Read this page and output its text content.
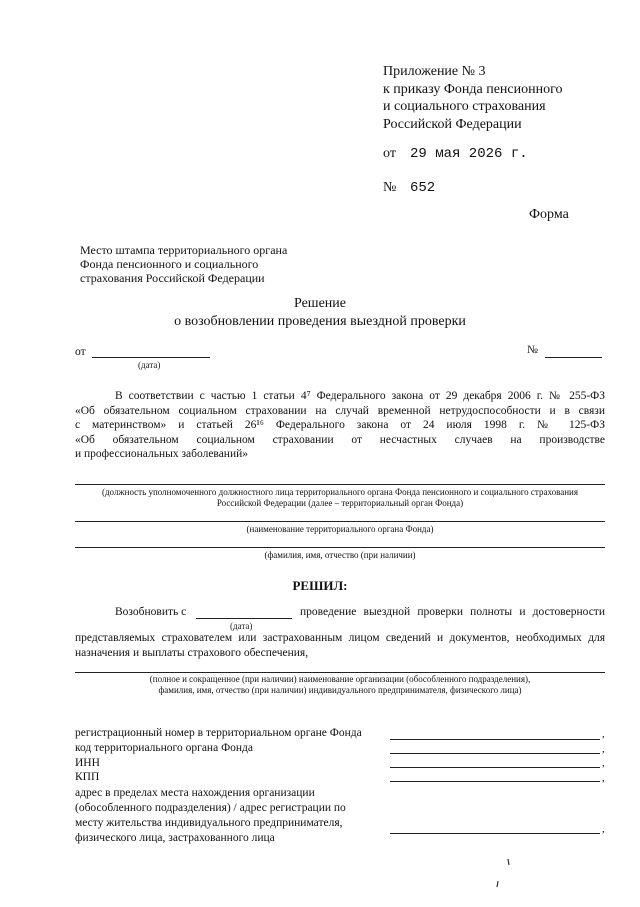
Приложение № 3
к приказу Фонда пенсионного
и социального страхования
Российской Федерации
от 29 мая 2026 г.
№ 652
Форма
Место штампа территориального органа
Фонда пенсионного и социального
страхования Российской Федерации
Решение
о возобновлении проведения выездной проверки
от
(дата)
№
В соответствии с частью 1 статьи 4⁷ Федерального закона от 29 декабря 2006 г. № 255-ФЗ
«Об обязательном социальном страховании на случай временной нетрудоспособности и в связи
с материнством» и статьей 26¹⁶ Федерального закона от 24 июля 1998 г. № 125-ФЗ
«Об обязательном социальном страховании от несчастных случаев на производстве
и профессиональных заболеваний»
(должность уполномоченного должностного лица территориального органа Фонда пенсионного и социального страхования
Российской Федерации (далее – территориальный орган Фонда)
(наименование территориального органа Фонда)
(фамилия, имя, отчество (при наличии)
РЕШИЛ:
Возобновить с
(дата)
проведение выездной проверки полноты и достоверности
представляемых страхователем или застрахованным лицом сведений и документов, необходимых для
назначения и выплаты страхового обеспечения,
(полное и сокращенное (при наличии) наименование организации (обособленного подразделения),
фамилия, имя, отчество (при наличии) индивидуального предпринимателя, физического лица)
регистрационный номер в территориальном органе Фонда	,
код территориального органа Фонда	,
ИНН	,
КПП	,
адрес в пределах места нахождения организации
(обособленного подразделения) / адрес регистрации по
месту жительства индивидуального предпринимателя,
физического лица, застрахованного лица
,
